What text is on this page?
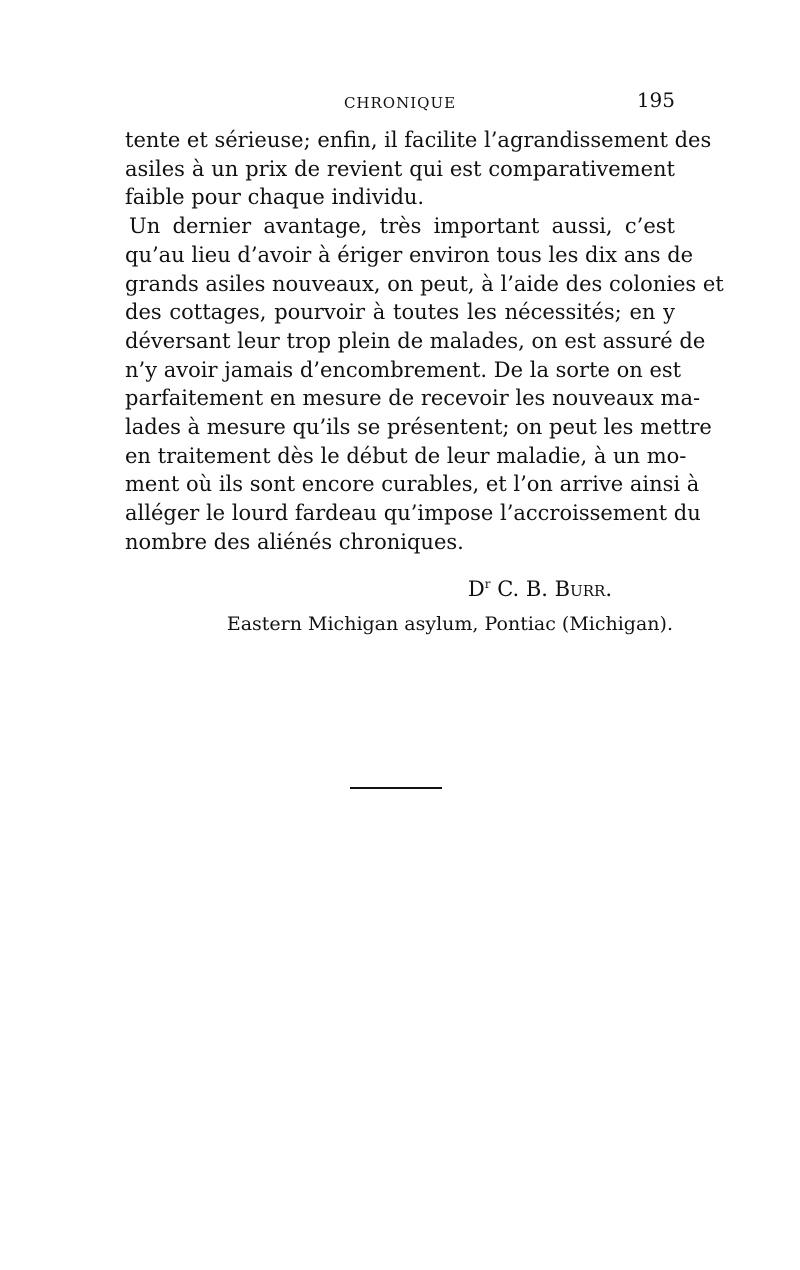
CHRONIQUE	195

tente et sérieuse; enfin, il facilite l’agrandissement des
asiles à un prix de revient qui est comparativement
faible pour chaque individu.

Un dernier avantage, très important aussi, c’est
qu’au lieu d’avoir à ériger environ tous les dix ans de
grands asiles nouveaux, on peut, à l’aide des colonies et
des cottages, pourvoir à toutes les nécessités; en y
déversant leur trop plein de malades, on est assuré de
n’y avoir jamais d’encombrement. De la sorte on est
parfaitement en mesure de recevoir les nouveaux ma-
lades à mesure qu’ils se présentent; on peut les mettre
en traitement dès le début de leur maladie, à un mo-
ment où ils sont encore curables, et l’on arrive ainsi à
alléger le lourd fardeau qu’impose l’accroissement du
nombre des aliénés chroniques.

$D^r$ C. B. Burr.
Eastern Michigan asylum, Pontiac (Michigan).
